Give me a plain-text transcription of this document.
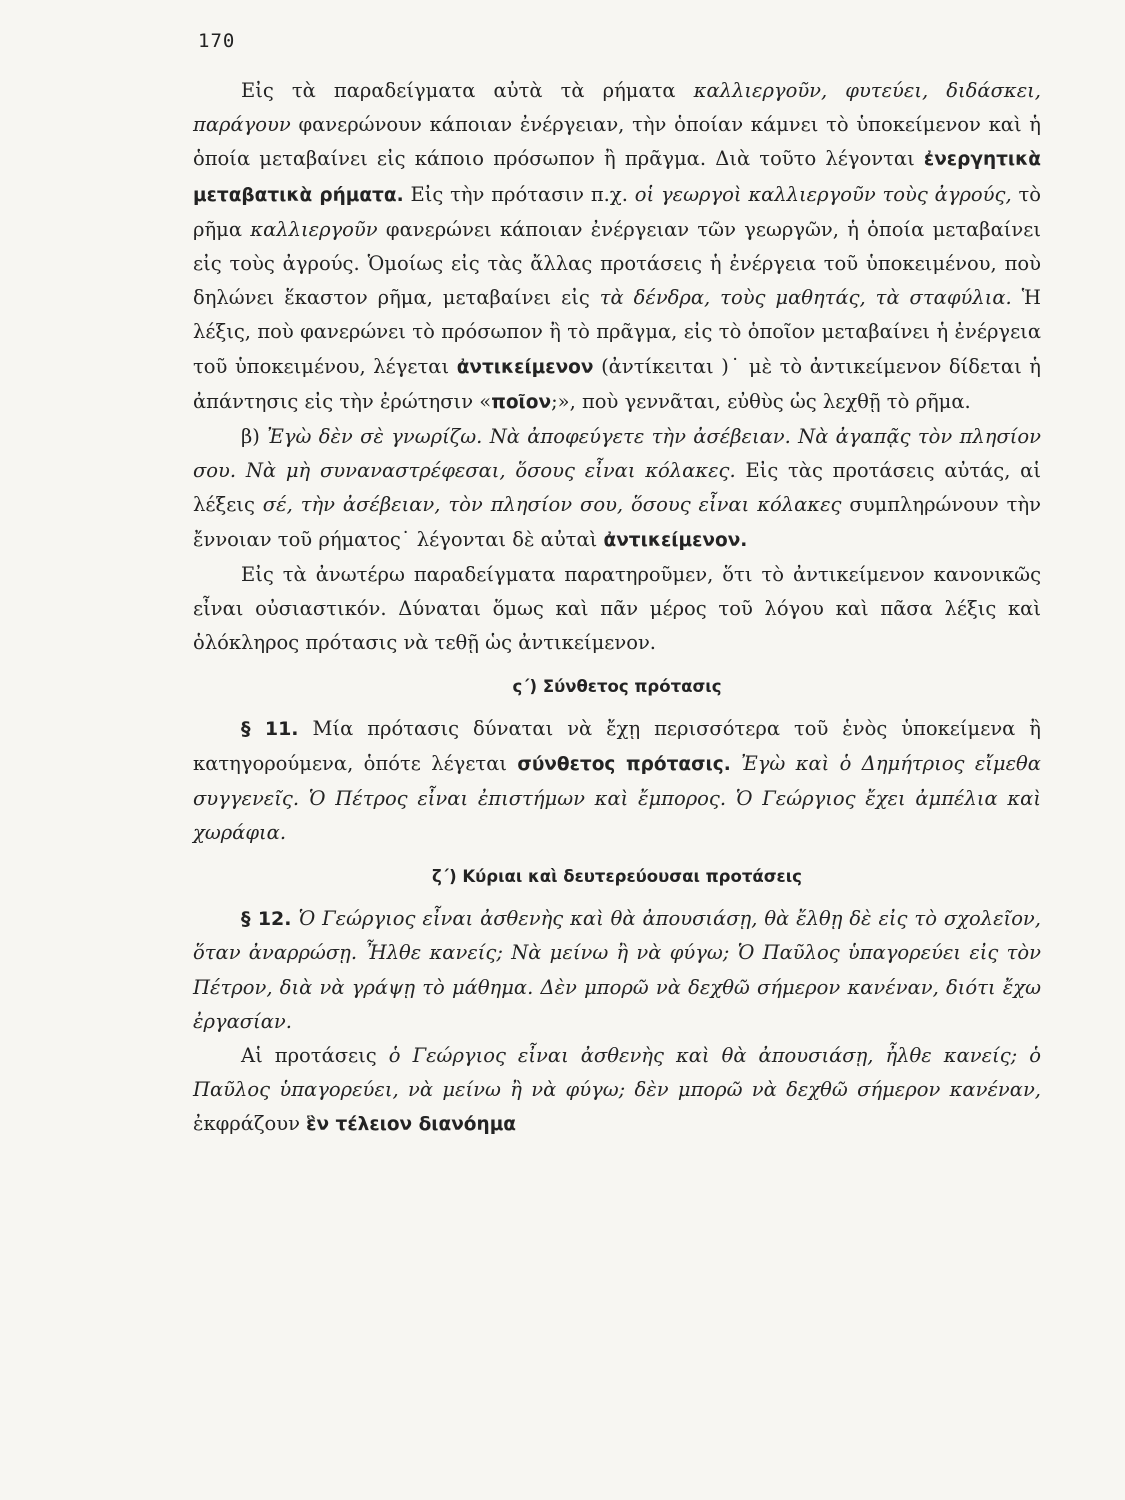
170

Εἰς τὰ παραδείγματα αὐτὰ τὰ ρήματα καλλιεργοῦν, φυτεύει, διδάσκει, παράγουν φανερώνουν κάποιαν ἐνέργειαν, τὴν ὁποίαν κάμνει τὸ ὑποκείμενον καὶ ἡ ὁποία μεταβαίνει εἰς κάποιο πρόσωπον ἢ πρᾶγμα. Διὰ τοῦτο λέγονται ἐνεργητικὰ μεταβατικὰ ρήματα. Εἰς τὴν πρότασιν π.χ. οἱ γεωργοὶ καλλιεργοῦν τοὺς ἀγρούς, τὸ ρῆμα καλλιεργοῦν φανερώνει κάποιαν ἐνέργειαν τῶν γεωργῶν, ἡ ὁποία μεταβαίνει εἰς τοὺς ἀγρούς. Ὁμοίως εἰς τὰς ἄλλας προτάσεις ἡ ἐνέργεια τοῦ ὑποκειμένου, ποὺ δηλώνει ἕκαστον ρῆμα, μεταβαίνει εἰς τὰ δένδρα, τοὺς μαθητάς, τὰ σταφύλια. Ἡ λέξις, ποὺ φανερώνει τὸ πρόσωπον ἢ τὸ πρᾶγμα, εἰς τὸ ὁποῖον μεταβαίνει ἡ ἐνέργεια τοῦ ὑποκειμένου, λέγεται ἀντικείμενον (ἀντίκειται )˙ μὲ τὸ ἀντικείμενον δίδεται ἡ ἀπάντησις εἰς τὴν ἐρώτησιν «ποῖον;», ποὺ γεννᾶται, εὐθὺς ὡς λεχθῇ τὸ ρῆμα.

β) Ἐγὼ δὲν σὲ γνωρίζω. Νὰ ἀποφεύγετε τὴν ἀσέβειαν. Νὰ ἀγαπᾷς τὸν πλησίον σου. Νὰ μὴ συναναστρέφεσαι, ὅσους εἶναι κόλακες. Εἰς τὰς προτάσεις αὐτάς, αἱ λέξεις σέ, τὴν ἀσέβειαν, τὸν πλησίον σου, ὅσους εἶναι κόλακες συμπληρώνουν τὴν ἔννοιαν τοῦ ρήματος˙ λέγονται δὲ αὐταὶ ἀντικείμενον.

Εἰς τὰ ἀνωτέρω παραδείγματα παρατηροῦμεν, ὅτι τὸ ἀντικείμενον κανονικῶς εἶναι οὐσιαστικόν. Δύναται ὅμως καὶ πᾶν μέρος τοῦ λόγου καὶ πᾶσα λέξις καὶ ὁλόκληρος πρότασις νὰ τεθῇ ὡς ἀντικείμενον.

ς΄) Σύνθετος πρότασις

§ 11. Μία πρότασις δύναται νὰ ἔχῃ περισσότερα τοῦ ἑνὸς ὑποκείμενα ἢ κατηγορούμενα, ὁπότε λέγεται σύνθετος πρότασις. Ἐγὼ καὶ ὁ Δημήτριος εἴμεθα συγγενεῖς. Ὁ Πέτρος εἶναι ἐπιστήμων καὶ ἔμπορος. Ὁ Γεώργιος ἔχει ἀμπέλια καὶ χωράφια.

ζ΄) Κύριαι καὶ δευτερεύουσαι προτάσεις

§ 12. Ὁ Γεώργιος εἶναι ἀσθενὴς καὶ θὰ ἀπουσιάσῃ, θὰ ἔλθῃ δὲ εἰς τὸ σχολεῖον, ὅταν ἀναρρώσῃ. Ἦλθε κανείς; Νὰ μείνω ἢ νὰ φύγω; Ὁ Παῦλος ὑπαγορεύει εἰς τὸν Πέτρον, διὰ νὰ γράψῃ τὸ μάθημα. Δὲν μπορῶ νὰ δεχθῶ σήμερον κανέναν, διότι ἔχω ἐργασίαν.

Αἱ προτάσεις ὁ Γεώργιος εἶναι ἀσθενὴς καὶ θὰ ἀπουσιάσῃ, ἦλθε κανείς; ὁ Παῦλος ὑπαγορεύει, νὰ μείνω ἢ νὰ φύγω; δὲν μπορῶ νὰ δεχθῶ σήμερον κανέναν, ἐκφράζουν ἓν τέλειον διανόημα
